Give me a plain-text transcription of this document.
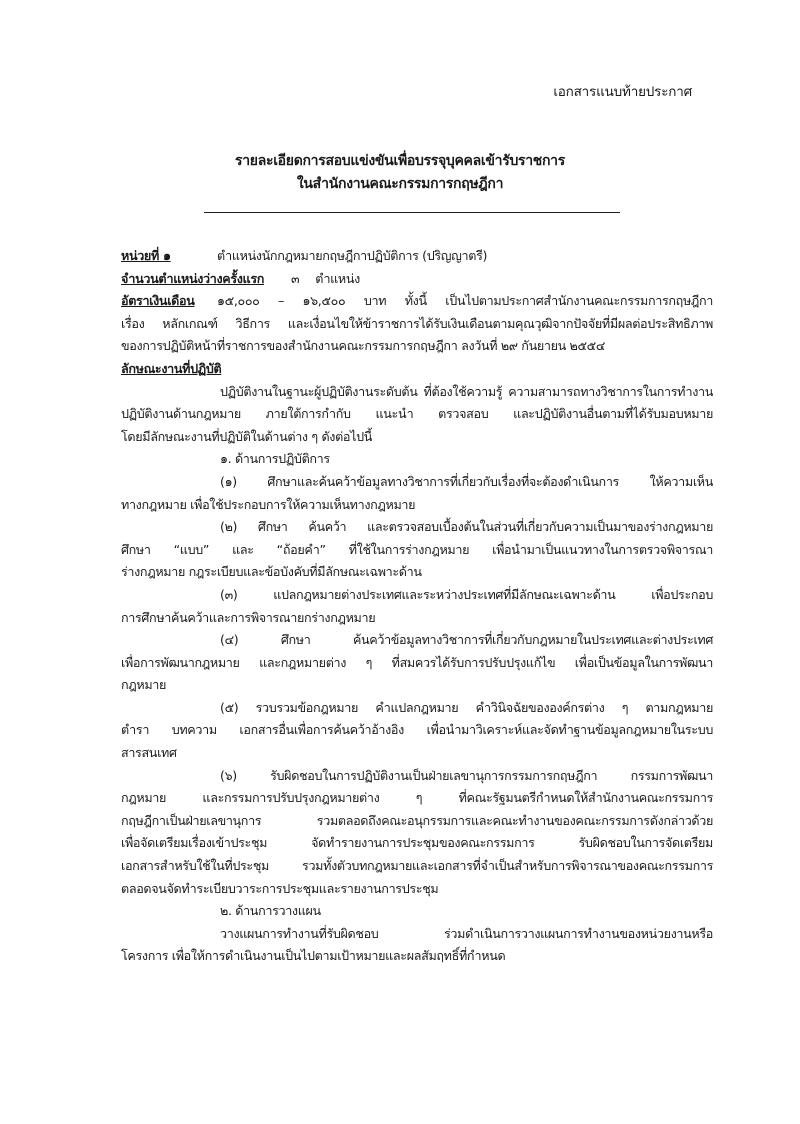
เอกสารแนบท้ายประกาศ
รายละเอียดการสอบแข่งขันเพื่อบรรจุบุคคลเข้ารับราชการ
ในสำนักงานคณะกรรมการกฤษฎีกา
หน่วยที่ ๑	ตำแหน่งนักกฎหมายกฤษฎีกาปฏิบัติการ (ปริญญาตรี)
จำนวนตำแหน่งว่างครั้งแรก ๓ ตำแหน่ง
อัตราเงินเดือน ๑๕,๐๐๐ – ๑๖,๕๐๐ บาท ทั้งนี้ เป็นไปตามประกาศสำนักงานคณะกรรมการกฤษฎีกา
เรื่อง หลักเกณฑ์ วิธีการ และเงื่อนไขให้ข้าราชการได้รับเงินเดือนตามคุณวุฒิจากปัจจัยที่มีผลต่อประสิทธิภาพ
ของการปฏิบัติหน้าที่ราชการของสำนักงานคณะกรรมการกฤษฎีกา ลงวันที่ ๒๙ กันยายน ๒๕๕๔
ลักษณะงานที่ปฏิบัติ
ปฏิบัติงานในฐานะผู้ปฏิบัติงานระดับต้น ที่ต้องใช้ความรู้ ความสามารถทางวิชาการในการทำงาน
ปฏิบัติงานด้านกฎหมาย ภายใต้การกำกับ แนะนำ ตรวจสอบ และปฏิบัติงานอื่นตามที่ได้รับมอบหมาย
โดยมีลักษณะงานที่ปฏิบัติในด้านต่าง ๆ ดังต่อไปนี้
๑. ด้านการปฏิบัติการ
(๑) ศึกษาและค้นคว้าข้อมูลทางวิชาการที่เกี่ยวกับเรื่องที่จะต้องดำเนินการ ให้ความเห็น
ทางกฎหมาย เพื่อใช้ประกอบการให้ความเห็นทางกฎหมาย
(๒) ศึกษา ค้นคว้า และตรวจสอบเบื้องต้นในส่วนที่เกี่ยวกับความเป็นมาของร่างกฎหมาย
ศึกษา “แบบ” และ “ถ้อยคำ” ที่ใช้ในการร่างกฎหมาย เพื่อนำมาเป็นแนวทางในการตรวจพิจารณา
ร่างกฎหมาย กฎระเบียบและข้อบังคับที่มีลักษณะเฉพาะด้าน
(๓) แปลกฎหมายต่างประเทศและระหว่างประเทศที่มีลักษณะเฉพาะด้าน เพื่อประกอบ
การศึกษาค้นคว้าและการพิจารณายกร่างกฎหมาย
(๔) ศึกษา ค้นคว้าข้อมูลทางวิชาการที่เกี่ยวกับกฎหมายในประเทศและต่างประเทศ
เพื่อการพัฒนากฎหมาย และกฎหมายต่าง ๆ ที่สมควรได้รับการปรับปรุงแก้ไข เพื่อเป็นข้อมูลในการพัฒนา
กฎหมาย
(๕) รวบรวมข้อกฎหมาย คำแปลกฎหมาย คำวินิจฉัยขององค์กรต่าง ๆ ตามกฎหมาย
ตำรา บทความ เอกสารอื่นเพื่อการค้นคว้าอ้างอิง เพื่อนำมาวิเคราะห์และจัดทำฐานข้อมูลกฎหมายในระบบ
สารสนเทศ
(๖) รับผิดชอบในการปฏิบัติงานเป็นฝ่ายเลขานุการกรรมการกฤษฎีกา กรรมการพัฒนา
กฎหมาย และกรรมการปรับปรุงกฎหมายต่าง ๆ ที่คณะรัฐมนตรีกำหนดให้สำนักงานคณะกรรมการ
กฤษฎีกาเป็นฝ่ายเลขานุการ รวมตลอดถึงคณะอนุกรรมการและคณะทำงานของคณะกรรมการดังกล่าวด้วย
เพื่อจัดเตรียมเรื่องเข้าประชุม จัดทำรายงานการประชุมของคณะกรรมการ รับผิดชอบในการจัดเตรียม
เอกสารสำหรับใช้ในที่ประชุม รวมทั้งตัวบทกฎหมายและเอกสารที่จำเป็นสำหรับการพิจารณาของคณะกรรมการ
ตลอดจนจัดทำระเบียบวาระการประชุมและรายงานการประชุม
๒. ด้านการวางแผน
วางแผนการทำงานที่รับผิดชอบ ร่วมดำเนินการวางแผนการทำงานของหน่วยงานหรือ
โครงการ เพื่อให้การดำเนินงานเป็นไปตามเป้าหมายและผลสัมฤทธิ์ที่กำหนด
